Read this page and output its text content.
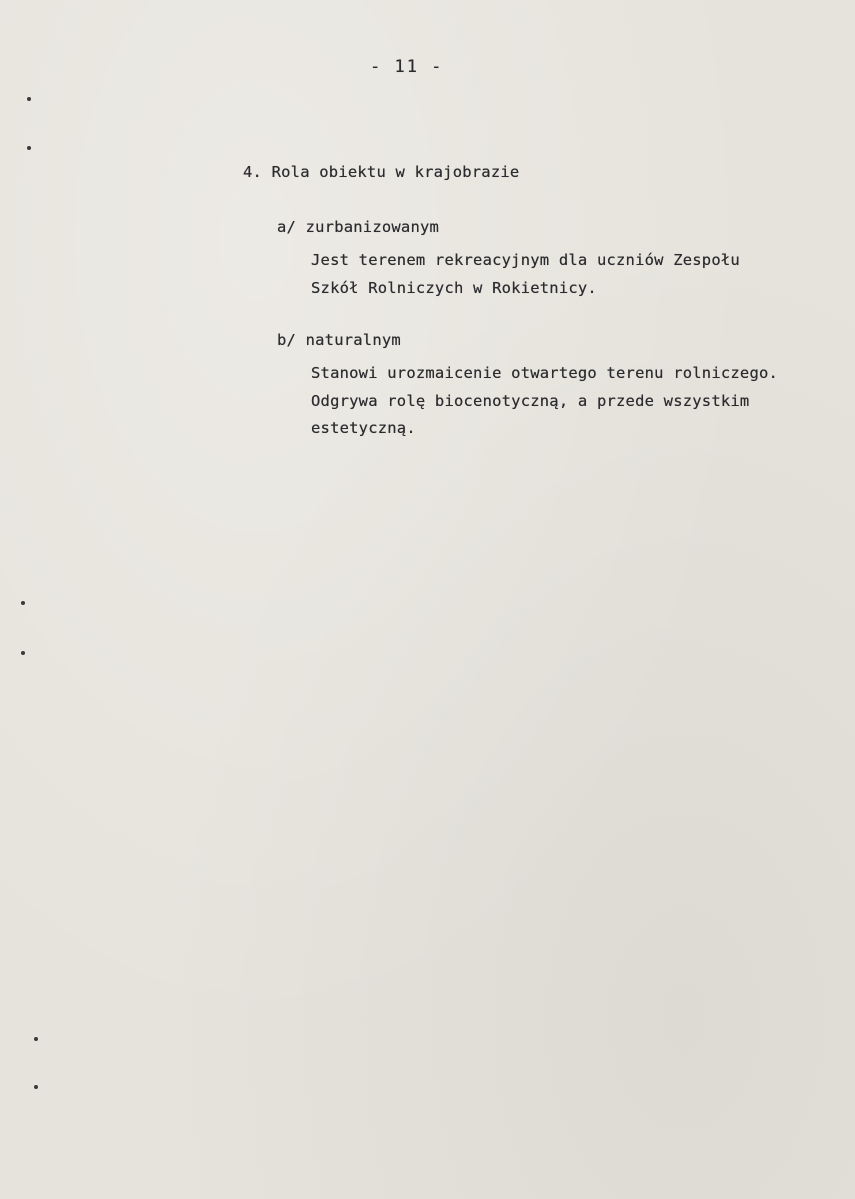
- 11 -
4. Rola obiektu w krajobrazie
a/ zurbanizowanym
Jest terenem rekreacyjnym dla uczniów Zespołu
Szkół Rolniczych w Rokietnicy.
b/ naturalnym
Stanowi urozmaicenie otwartego terenu rolniczego.
Odgrywa rolę biocenotyczną, a przede wszystkim
estetyczną.
